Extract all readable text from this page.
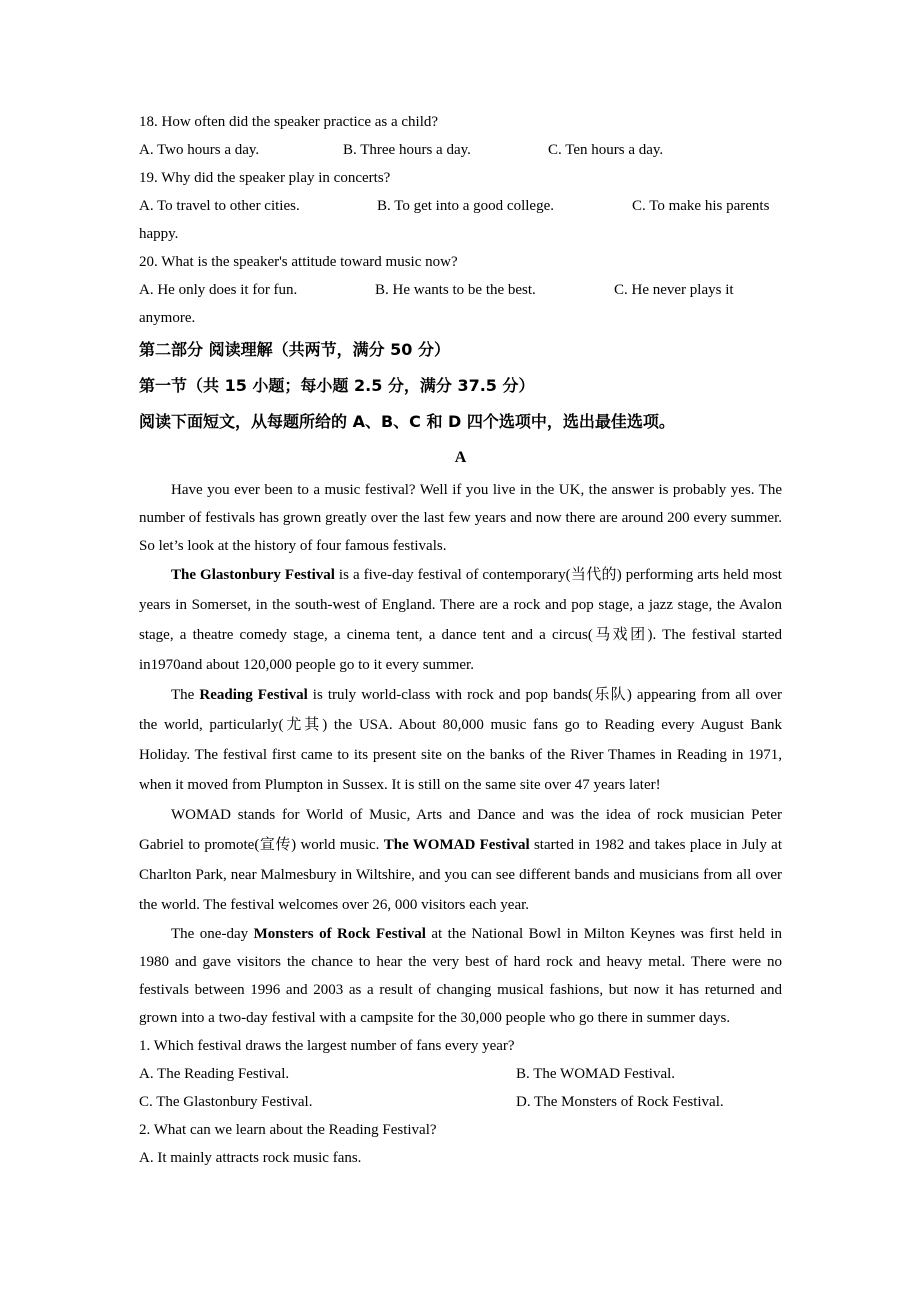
18. How often did the speaker practice as a child?
A. Two hours a day.	B. Three hours a day.	C. Ten hours a day.
19. Why did the speaker play in concerts?
A. To travel to other cities.	B. To get into a good college.	C. To make his parents
happy.
20. What is the speaker's attitude toward music now?
A. He only does it for fun.	B. He wants to be the best.	C. He never plays it
anymore.
第二部分 阅读理解（共两节，满分 50 分）
第一节（共 15 小题；每小题 2.5 分，满分 37.5 分）
阅读下面短文，从每题所给的 A、B、C 和 D 四个选项中，选出最佳选项。
A

Have you ever been to a music festival? Well if you live in the UK, the answer is probably yes. The number of festivals has grown greatly over the last few years and now there are around 200 every summer. So let’s look at the history of four famous festivals.

The Glastonbury Festival is a five-day festival of contemporary(当代的) performing arts held most years in Somerset, in the south-west of England. There are a rock and pop stage, a jazz stage, the Avalon stage, a theatre comedy stage, a cinema tent, a dance tent and a circus(马戏团). The festival started in1970and about 120,000 people go to it every summer.

The Reading Festival is truly world-class with rock and pop bands(乐队) appearing from all over the world, particularly(尤其) the USA. About 80,000 music fans go to Reading every August Bank Holiday. The festival first came to its present site on the banks of the River Thames in Reading in 1971, when it moved from Plumpton in Sussex. It is still on the same site over 47 years later!

WOMAD stands for World of Music, Arts and Dance and was the idea of rock musician Peter Gabriel to promote(宣传) world music. The WOMAD Festival started in 1982 and takes place in July at Charlton Park, near Malmesbury in Wiltshire, and you can see different bands and musicians from all over the world. The festival welcomes over 26, 000 visitors each year.

The one-day Monsters of Rock Festival at the National Bowl in Milton Keynes was first held in 1980 and gave visitors the chance to hear the very best of hard rock and heavy metal. There were no festivals between 1996 and 2003 as a result of changing musical fashions, but now it has returned and grown into a two-day festival with a campsite for the 30,000 people who go there in summer days.

1. Which festival draws the largest number of fans every year?
A. The Reading Festival.	B. The WOMAD Festival.
C. The Glastonbury Festival.	D. The Monsters of Rock Festival.
2. What can we learn about the Reading Festival?
A. It mainly attracts rock music fans.
